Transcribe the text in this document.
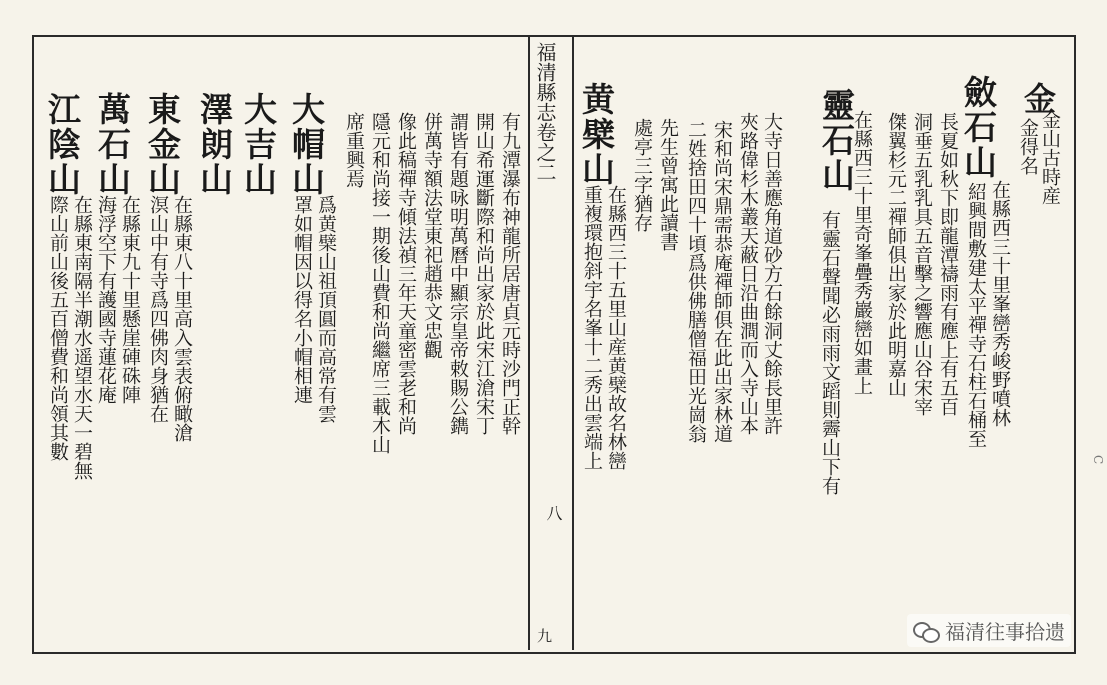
福清縣志卷之二
八
九
金
金山古時産
金得名
斂石山
在縣西三十里峯巒秀峻野噴林
紹興間敷建太平禪寺石柱石桶至
長夏如秋下即龍潭禱雨有應上有五百
洞垂五乳乳具五音擊之響應山谷宋宰
傑翼杉元二禪師俱出家於此明嘉山
靈石山
在縣西三十里奇峯疊秀巖巒如畫上
有靈石聲聞必雨雨文蹈則霽山下有
大寺日善應角道砂方石餘洞丈餘長里許
夾路偉杉木叢天蔽日沿曲澗而入寺山本
宋和尚宋鼎需恭庵禪師俱在此出家林道
二姓捨田四十頃爲供佛膳僧福田光崗翁
先生曾寓此讀書
處亭三字猶存
黄檗山
在縣西三十五里山産黄檗故名林巒
重複環抱斜宇名峯十二秀出雲端上
有九潭瀑布神龍所居唐貞元時沙門正幹
開山希運斷際和尚出家於此宋江滄宋丁
謂皆有題咏明萬曆中顯宗皇帝敕賜公鐫
併萬寺額法堂東祀趙恭文忠觀
像此稿禪寺傾法禎三年天童密雲老和尚
隱元和尚接一期後山費和尚繼席三載木山
席重興焉
大帽山
爲黄檗山祖頂圓而高常有雲
罩如帽因以得名小帽相連
大吉山
澤朗山
東金山
在縣東八十里高入雲表俯瞰滄
溟山中有寺爲四佛肉身猶在
萬石山
在縣東九十里懸崖硨硃陣
海浮空下有護國寺蓮花庵
江陰山
在縣東南隔半潮水遥望水天一碧無
際山前山後五百僧費和尚領其數
福清往事拾遗
C
